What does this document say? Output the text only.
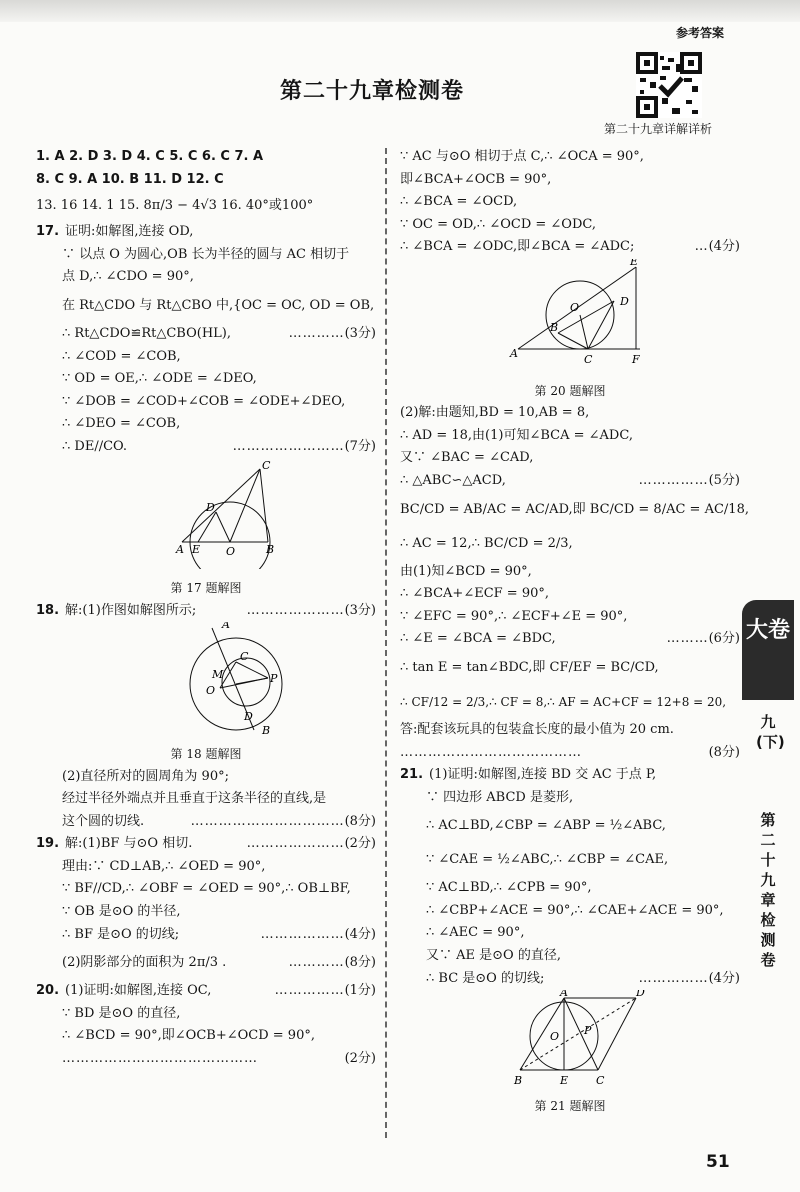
参考答案
第二十九章检测卷
第二十九章详解详析
1. A 2. D 3. D 4. C 5. C 6. C 7. A
8. C 9. A 10. B 11. D 12. C
13. 16 14. 1 15. 8π/3 − 4√3 16. 40°或100°
17. 证明:如解图,连接 OD,
∵ 以点 O 为圆心,OB 长为半径的圆与 AC 相切于
点 D,∴ ∠CDO = 90°,
在 Rt△CDO 与 Rt△CBO 中,{OC = OC, OD = OB,
∴ Rt△CDO≌Rt△CBO(HL),	…………(3分)
∴ ∠COD = ∠COB,
∵ OD = OE,∴ ∠ODE = ∠DEO,
∵ ∠DOB = ∠COD+∠COB = ∠ODE+∠DEO,
∴ ∠DEO = ∠COB,
∴ DE//CO.	……………………(7分)
C
D
A E O	B
第 17 题解图
18. 解:(1)作图如解图所示;	…………………(3分)
A
C
M
O
P
D
B
第 18 题解图
(2)直径所对的圆周角为 90°;
经过半径外端点并且垂直于这条半径的直线,是
这个圆的切线.	……………………………(8分)
19. 解:(1)BF 与⊙O 相切.	…………………(2分)
理由:∵ CD⊥AB,∴ ∠OED = 90°,
∵ BF//CD,∴ ∠OBF = ∠OED = 90°,∴ OB⊥BF,
∵ OB 是⊙O 的半径,
∴ BF 是⊙O 的切线;	………………(4分)
(2)阴影部分的面积为 2π/3 .	…………(8分)
20. (1)证明:如解图,连接 OC,	……………(1分)
∵ BD 是⊙O 的直径,
∴ ∠BCD = 90°,即∠OCB+∠OCD = 90°,
……………………………………	(2分)
∵ AC 与⊙O 相切于点 C,∴ ∠OCA = 90°,
即∠BCA+∠OCB = 90°,
∴ ∠BCA = ∠OCD,
∵ OC = OD,∴ ∠OCD = ∠ODC,
∴ ∠BCA = ∠ODC,即∠BCA = ∠ADC;	…(4分)
E
D
O
B
A	C	F
第 20 题解图
(2)解:由题知,BD = 10,AB = 8,
∴ AD = 18,由(1)可知∠BCA = ∠ADC,
又∵ ∠BAC = ∠CAD,
∴ △ABC∽△ACD,	……………(5分)
BC/CD = AB/AC = AC/AD,即 BC/CD = 8/AC = AC/18,
∴ AC = 12,∴ BC/CD = 2/3,
由(1)知∠BCD = 90°,
∴ ∠BCA+∠ECF = 90°,
∵ ∠EFC = 90°,∴ ∠ECF+∠E = 90°,
∴ ∠E = ∠BCA = ∠BDC,	………(6分)
∴ tan E = tan∠BDC,即 CF/EF = BC/CD,
∴ CF/12 = 2/3,∴ CF = 8,∴ AF = AC+CF = 12+8 = 20,
答:配套该玩具的包装盒长度的最小值为 20 cm.
…………………………………	(8分)
21. (1)证明:如解图,连接 BD 交 AC 于点 P,
∵ 四边形 ABCD 是菱形,
∴ AC⊥BD,∠CBP = ∠ABP = ½∠ABC,
∵ ∠CAE = ½∠ABC,∴ ∠CBP = ∠CAE,
∵ AC⊥BD,∴ ∠CPB = 90°,
∴ ∠CBP+∠ACE = 90°,∴ ∠CAE+∠ACE = 90°,
∴ ∠AEC = 90°,
又∵ AE 是⊙O 的直径,
∴ BC 是⊙O 的切线;	……………(4分)
A	D
O P
B	E	C
第 21 题解图
大卷
九(下)
第二十九章检测卷
51
